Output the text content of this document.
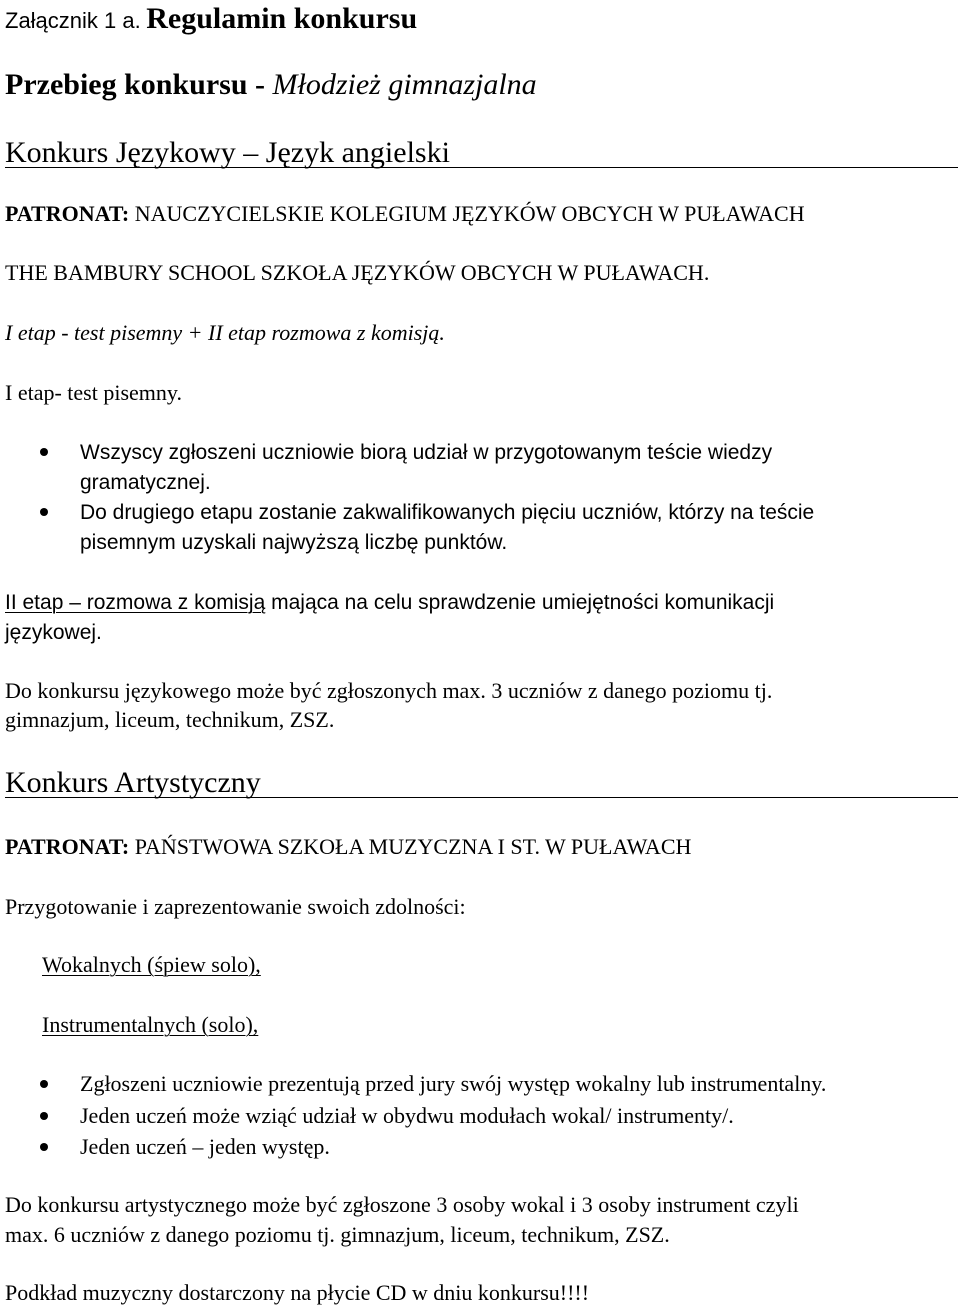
Załącznik 1 a. Regulamin konkursu
Przebieg konkursu - Młodzież gimnazjalna
Konkurs Językowy – Język angielski
PATRONAT: NAUCZYCIELSKIE KOLEGIUM JĘZYKÓW OBCYCH W PUŁAWACH
THE BAMBURY SCHOOL SZKOŁA JĘZYKÓW OBCYCH W PUŁAWACH.
I etap - test pisemny + II etap rozmowa z komisją.
I etap- test pisemny.
Wszyscy zgłoszeni uczniowie biorą udział w przygotowanym teście wiedzy
gramatycznej.
Do drugiego etapu zostanie zakwalifikowanych pięciu uczniów, którzy na teście
pisemnym uzyskali najwyższą liczbę punktów.
II etap – rozmowa z komisją mająca na celu sprawdzenie umiejętności komunikacji
językowej.
Do konkursu językowego może być zgłoszonych max. 3 uczniów z danego poziomu tj.
gimnazjum, liceum, technikum, ZSZ.
Konkurs Artystyczny
PATRONAT: PAŃSTWOWA SZKOŁA MUZYCZNA I ST. W PUŁAWACH
Przygotowanie i zaprezentowanie swoich zdolności:
Wokalnych (śpiew solo),
Instrumentalnych (solo),
Zgłoszeni uczniowie prezentują przed jury swój występ wokalny lub instrumentalny.
Jeden uczeń może wziąć udział w obydwu modułach wokal/ instrumenty/.
Jeden uczeń – jeden występ.
Do konkursu artystycznego może być zgłoszone 3 osoby wokal i 3 osoby instrument czyli
max. 6 uczniów z danego poziomu tj. gimnazjum, liceum, technikum, ZSZ.
Podkład muzyczny dostarczony na płycie CD w dniu konkursu!!!!
